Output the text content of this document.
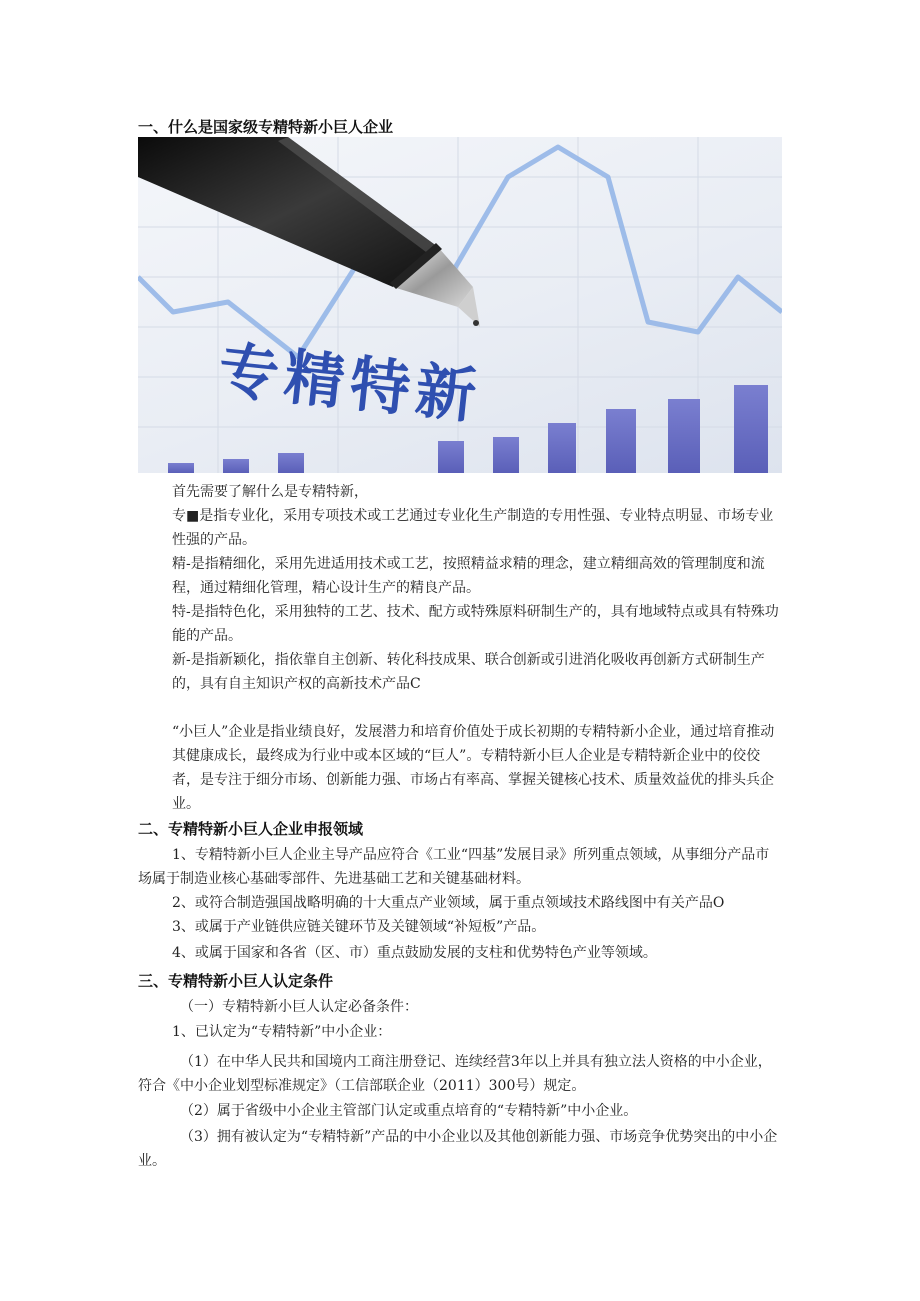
一、什么是国家级专精特新小巨人企业
专精特新
首先需要了解什么是专精特新，
专■是指专业化，采用专项技术或工艺通过专业化生产制造的专用性强、专业特点明显、市场专业性强的产品。
精-是指精细化，采用先进适用技术或工艺，按照精益求精的理念，建立精细高效的管理制度和流程，通过精细化管理，精心设计生产的精良产品。
特-是指特色化，采用独特的工艺、技术、配方或特殊原料研制生产的，具有地域特点或具有特殊功能的产品。
新-是指新颖化，指依靠自主创新、转化科技成果、联合创新或引进消化吸收再创新方式研制生产的，具有自主知识产权的高新技术产品C
“小巨人”企业是指业绩良好，发展潜力和培育价值处于成长初期的专精特新小企业，通过培育推动其健康成长，最终成为行业中或本区域的“巨人”。专精特新小巨人企业是专精特新企业中的佼佼者，是专注于细分市场、创新能力强、市场占有率高、掌握关键核心技术、质量效益优的排头兵企业。
二、专精特新小巨人企业申报领域
1、专精特新小巨人企业主导产品应符合《工业“四基”发展目录》所列重点领域，从事细分产品市场属于制造业核心基础零部件、先进基础工艺和关键基础材料。
2、或符合制造强国战略明确的十大重点产业领域，属于重点领域技术路线图中有关产品O
3、或属于产业链供应链关键环节及关键领域“补短板”产品。
4、或属于国家和各省（区、市）重点鼓励发展的支柱和优势特色产业等领域。
三、专精特新小巨人认定条件
（一）专精特新小巨人认定必备条件：
1、已认定为“专精特新”中小企业：
（1）在中华人民共和国境内工商注册登记、连续经营3年以上并具有独立法人资格的中小企业，符合《中小企业划型标准规定》（工信部联企业（2011）300号）规定。
（2）属于省级中小企业主管部门认定或重点培育的“专精特新”中小企业。
（3）拥有被认定为“专精特新”产品的中小企业以及其他创新能力强、市场竞争优势突出的中小企业。
